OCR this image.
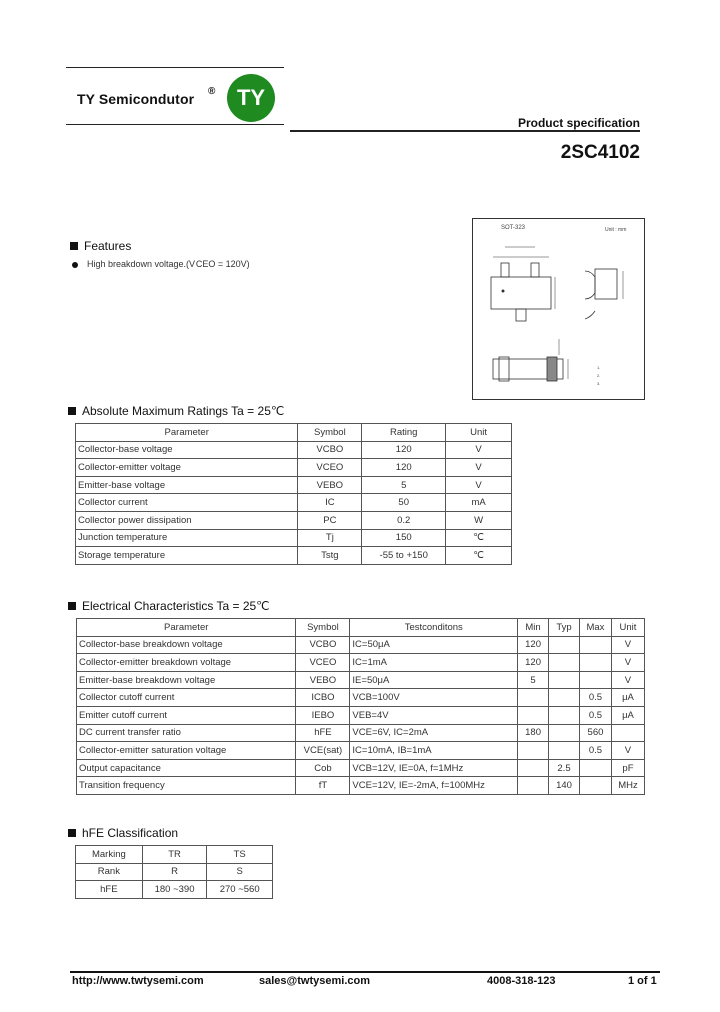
TY Semicondutor ® TY
Product specification
2SC4102
Features
High breakdown voltage.(V CEO = 120V)
SOT-323	Unit : mm
1.
2.
3.
Absolute Maximum Ratings Ta = 25℃
Parameter	Symbol	Rating	Unit
Collector-base voltage	VCBO	120	V
Collector-emitter voltage	VCEO	120	V
Emitter-base voltage	VEBO	5	V
Collector current	IC	50	mA
Collector power dissipation	PC	0.2	W
Junction temperature	Tj	150	℃
Storage temperature	Tstg	-55 to +150	℃
Electrical Characteristics Ta = 25℃
Parameter	Symbol	Testconditons	Min	Typ	Max	Unit
Collector-base breakdown voltage	VCBO	IC=50μA	120			V
Collector-emitter breakdown voltage	VCEO	IC=1mA	120			V
Emitter-base breakdown voltage	VEBO	IE=50μA	5			V
Collector cutoff current	ICBO	VCB=100V			0.5	μA
Emitter cutoff current	IEBO	VEB=4V			0.5	μA
DC current transfer ratio	hFE	VCE=6V, IC=2mA	180		560	
Collector-emitter saturation voltage	VCE(sat)	IC=10mA, IB=1mA			0.5	V
Output capacitance	Cob	VCB=12V, IE=0A, f=1MHz		2.5		pF
Transition frequency	fT	VCE=12V, IE=-2mA, f=100MHz		140		MHz
hFE Classification
Marking	TR	TS
Rank	R	S
hFE	180 ~390	270 ~560
http://www.twtysemi.com	sales@twtysemi.com	4008-318-123	1 of 1
